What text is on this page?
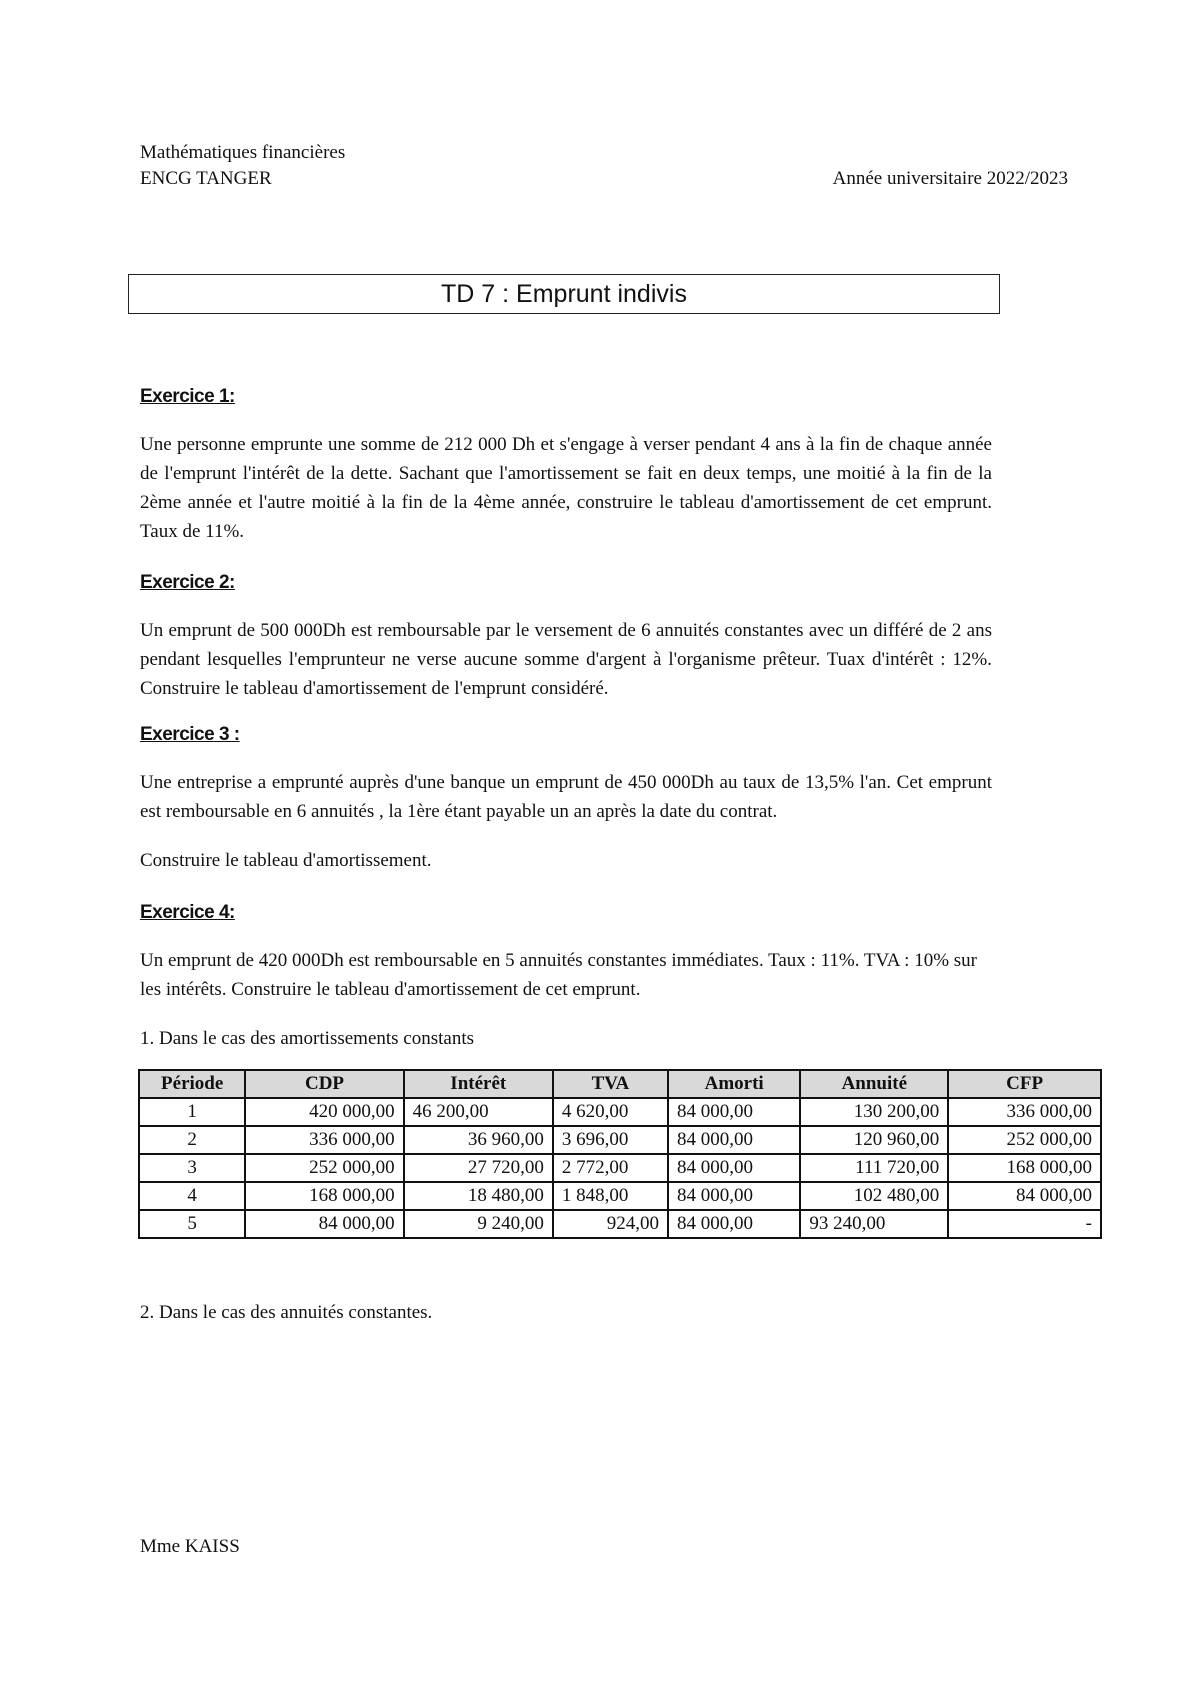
Mathématiques financières
ENCG TANGER	Année universitaire 2022/2023
TD 7 : Emprunt indivis
Exercice 1:
Une personne emprunte une somme de 212 000 Dh et s'engage à verser pendant 4 ans à la fin de chaque année de l'emprunt l'intérêt de la dette. Sachant que l'amortissement se fait en deux temps, une moitié à la fin de la 2ème année et l'autre moitié à la fin de la 4ème année, construire le tableau d'amortissement de cet emprunt. Taux de 11%.
Exercice 2:
Un emprunt de 500 000Dh est remboursable par le versement de 6 annuités constantes avec un différé de 2 ans pendant lesquelles l'emprunteur ne verse aucune somme d'argent à l'organisme prêteur. Tuax d'intérêt : 12%. Construire le tableau d'amortissement de l'emprunt considéré.
Exercice 3 :
Une entreprise a emprunté auprès d'une banque un emprunt de 450 000Dh au taux de 13,5% l'an. Cet emprunt est remboursable en 6 annuités , la 1ère étant payable un an après la date du contrat.
Construire le tableau d'amortissement.
Exercice 4:
Un emprunt de 420 000Dh est remboursable en 5 annuités constantes immédiates. Taux : 11%. TVA : 10% sur les intérêts. Construire le tableau d'amortissement de cet emprunt.
1. Dans le cas des amortissements constants
Période	CDP	Intérêt	TVA	Amorti	Annuité	CFP
1	420 000,00	46 200,00	4 620,00	84 000,00	130 200,00	336 000,00
2	336 000,00	36 960,00	3 696,00	84 000,00	120 960,00	252 000,00
3	252 000,00	27 720,00	2 772,00	84 000,00	111 720,00	168 000,00
4	168 000,00	18 480,00	1 848,00	84 000,00	102 480,00	84 000,00
5	84 000,00	9 240,00	924,00	84 000,00	93 240,00	-
2. Dans le cas des annuités constantes.
Mme KAISS
